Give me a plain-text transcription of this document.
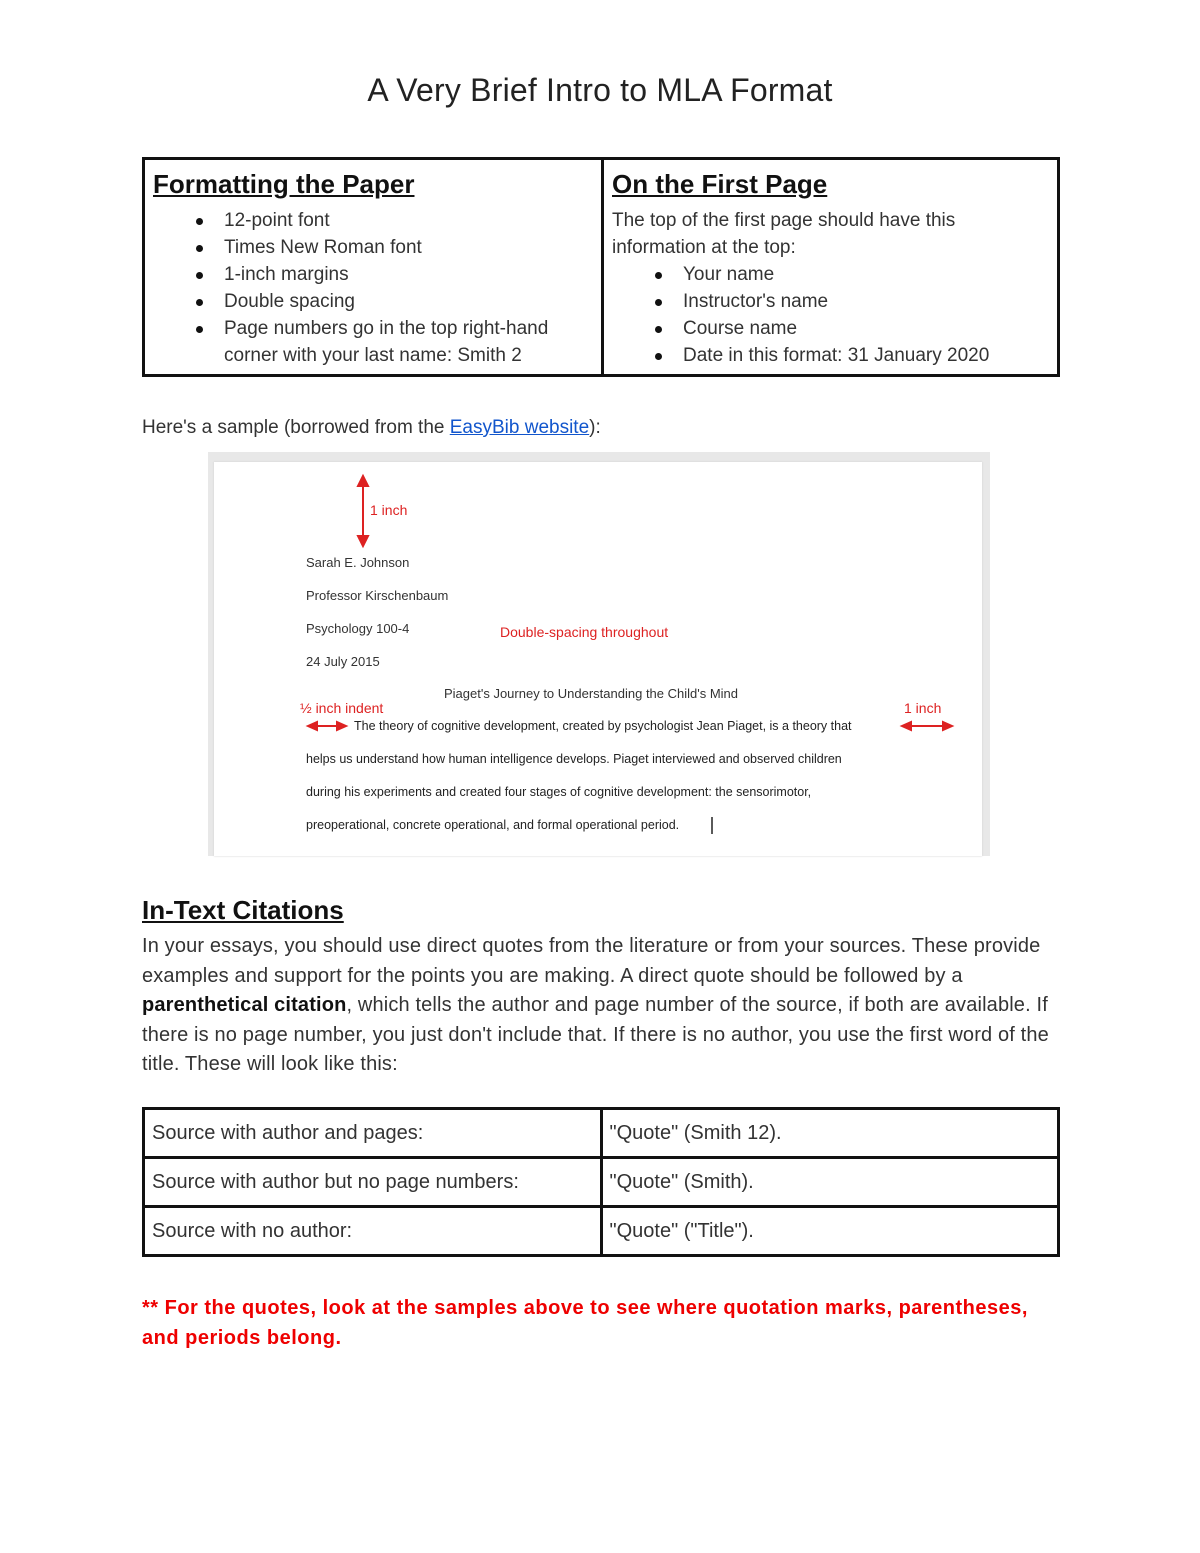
A Very Brief Intro to MLA Format
Formatting the Paper
12-point font
Times New Roman font
1-inch margins
Double spacing
Page numbers go in the top right-hand corner with your last name: Smith 2
On the First Page

The top of the first page should have this information at the top:

Your name
Instructor's name
Course name
Date in this format: 31 January 2020
Here's a sample (borrowed from the EasyBib website):
1 inch
Sarah E. Johnson
Professor Kirschenbaum
Psychology 100-4	Double-spacing throughout
24 July 2015
Piaget's Journey to Understanding the Child's Mind
½ inch indent	1 inch
The theory of cognitive development, created by psychologist Jean Piaget, is a theory that
helps us understand how human intelligence develops. Piaget interviewed and observed children
during his experiments and created four stages of cognitive development: the sensorimotor,
preoperational, concrete operational, and formal operational period.
In-Text Citations

In your essays, you should use direct quotes from the literature or from your sources. These provide examples and support for the points you are making. A direct quote should be followed by a parenthetical citation, which tells the author and page number of the source, if both are available. If there is no page number, you just don't include that. If there is no author, you use the first word of the title. These will look like this:

Source with author and pages:	"Quote" (Smith 12).
Source with author but no page numbers:	"Quote" (Smith).
Source with no author:	"Quote" ("Title").
** For the quotes, look at the samples above to see where quotation marks, parentheses, and periods belong.
